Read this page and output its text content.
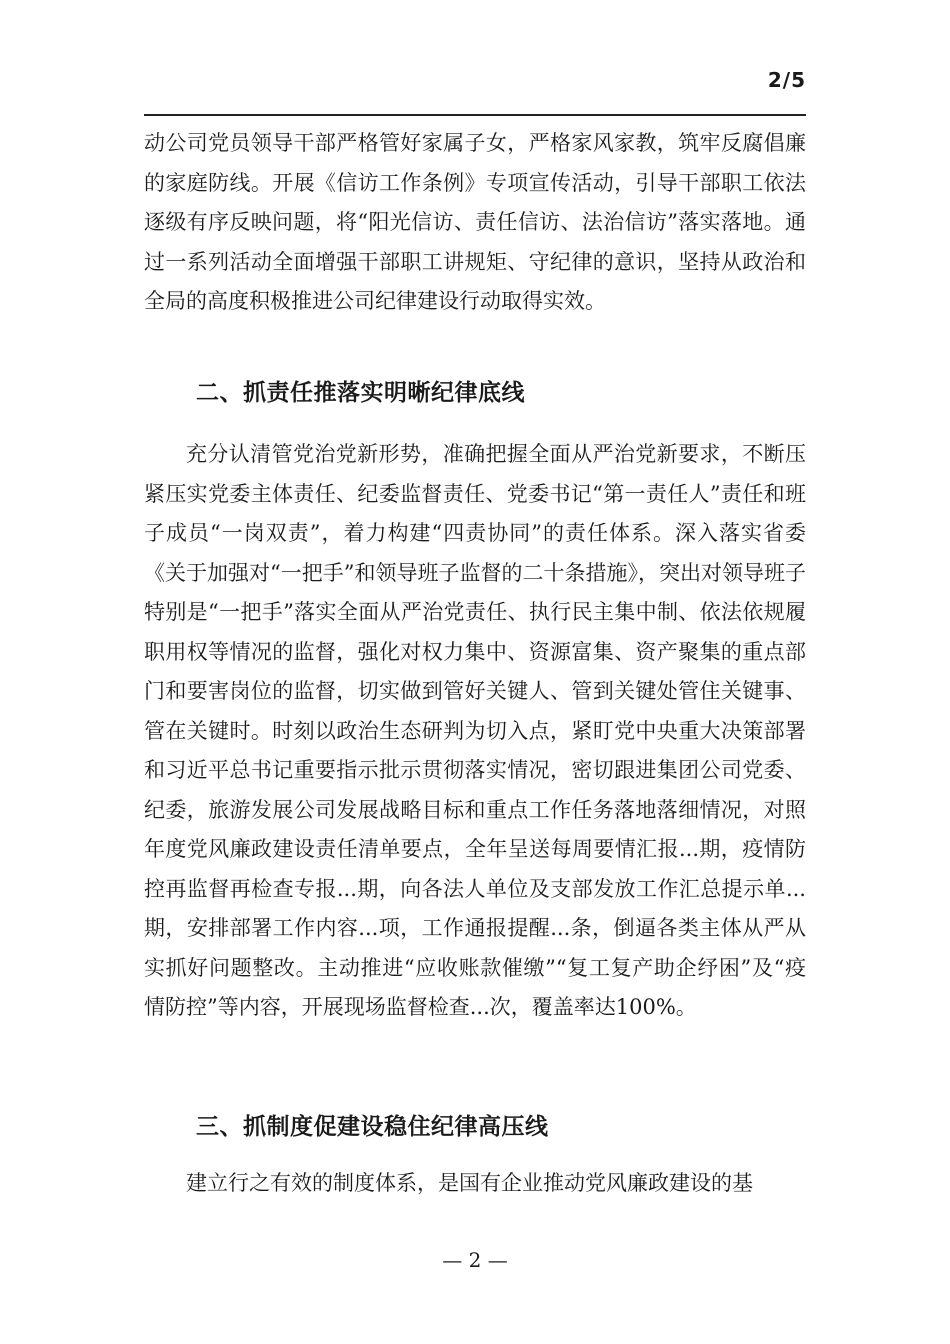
2/5

动公司党员领导干部严格管好家属子女，严格家风家教，筑牢反腐倡廉的家庭防线。开展《信访工作条例》专项宣传活动，引导干部职工依法逐级有序反映问题，将“阳光信访、责任信访、法治信访”落实落地。通过一系列活动全面增强干部职工讲规矩、守纪律的意识，坚持从政治和全局的高度积极推进公司纪律建设行动取得实效。

二、抓责任推落实明晰纪律底线

充分认清管党治党新形势，准确把握全面从严治党新要求，不断压紧压实党委主体责任、纪委监督责任、党委书记“第一责任人”责任和班子成员“一岗双责”，着力构建“四责协同”的责任体系。深入落实省委《关于加强对“一把手”和领导班子监督的二十条措施》，突出对领导班子特别是“一把手”落实全面从严治党责任、执行民主集中制、依法依规履职用权等情况的监督，强化对权力集中、资源富集、资产聚集的重点部门和要害岗位的监督，切实做到管好关键人、管到关键处管住关键事、管在关键时。时刻以政治生态研判为切入点，紧盯党中央重大决策部署和习近平总书记重要指示批示贯彻落实情况，密切跟进集团公司党委、纪委，旅游发展公司发展战略目标和重点工作任务落地落细情况，对照年度党风廉政建设责任清单要点，全年呈送每周要情汇报...期，疫情防控再监督再检查专报...期，向各法人单位及支部发放工作汇总提示单...期，安排部署工作内容...项，工作通报提醒...条，倒逼各类主体从严从实抓好问题整改。主动推进“应收账款催缴”“复工复产助企纾困”及“疫情防控”等内容，开展现场监督检查...次，覆盖率达100%。

三、抓制度促建设稳住纪律高压线

建立行之有效的制度体系，是国有企业推动党风廉政建设的基

— 2 —
